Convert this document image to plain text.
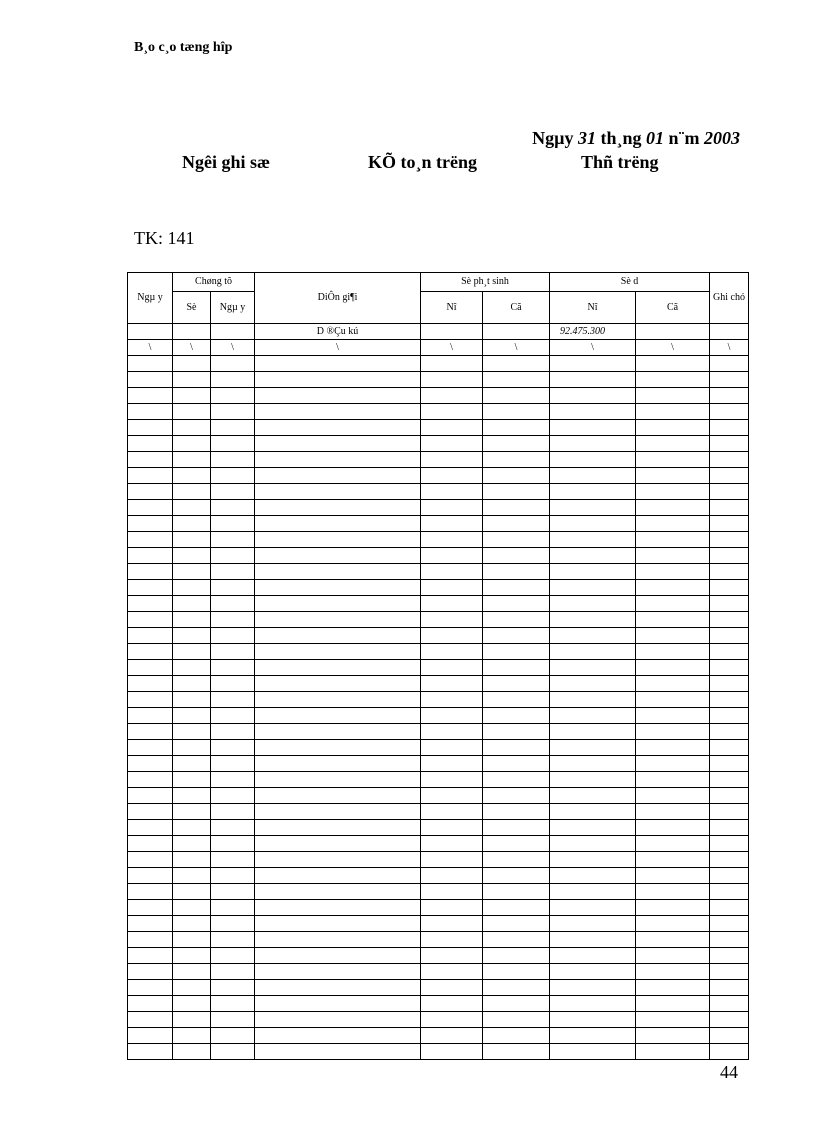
B¸o c¸o tæng hîp
Ngµy 31 th¸ng 01 n¨m 2003
Ngêi ghi sæ	KÕ to¸n trëng	Thñ trëng
TK: 141
Ngµ y	Chøng tõ		DiÔn gi¶i	Sè ph¸t sinh		Sè d		Ghi chó
	Sè	Ngµ y		Nî	Cã	Nî	Cã	
			D ®Çu kú			92.475.300		
\	\	\	\	\	\	\	\	\

44
